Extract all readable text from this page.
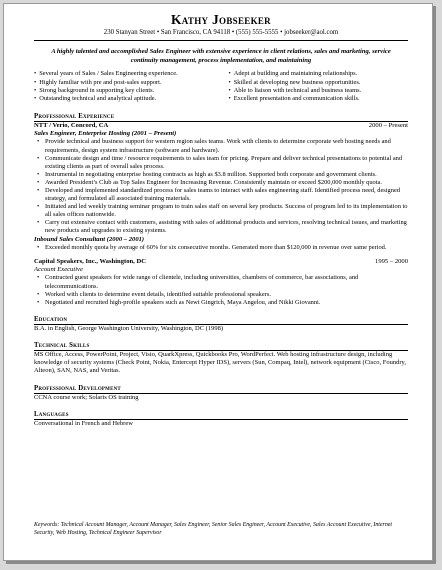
Kathy Jobseeker
230 Stanyan Street • San Francisco, CA 94118 • (555) 555-5555 • jobseeker@aol.com
A highly talented and accomplished Sales Engineer with extensive experience in client relations, sales and marketing, service continuity management, process implementation, and maintaining
• Several years of Sales / Sales Engineering experience.
• Highly familiar with pre and post-sales support.
• Strong background in supporting key clients.
• Outstanding technical and analytical aptitude.
• Adept at building and maintaining relationships.
• Skilled at developing new business opportunities.
• Able to liaison with technical and business teams.
• Excellent presentation and communication skills.
Professional Experience
NTT / Verio, Concord, CA	2000 – Present
Sales Engineer, Enterprise Hosting (2001 – Present)
• Provide technical and business support for western region sales teams. Work with clients to determine corporate web hosting needs and requirements, design system infrastructure (software and hardware).
• Communicate design and time / resource requirements to sales team for pricing. Prepare and deliver technical presentations to potential and existing clients as part of overall sales process.
• Instrumental in negotiating enterprise hosting contracts as high as $3.8 million. Supported both corporate and government clients.
• Awarded President’s Club as Top Sales Engineer for Increasing Revenue. Consistently maintain or exceed $200,000 monthly quota.
• Developed and implemented standardized process for sales teams to interact with sales engineering staff. Identified process need, designed strategy, and formulated all associated training materials.
• Initiated and led weekly training seminar program to train sales staff on several key products. Success of program led to its implementation to all sales offices nationwide.
• Carry out extensive contact with customers, assisting with sales of additional products and services, resolving technical issues, and marketing new products and upgrades to existing systems.
Inbound Sales Consultant (2000 – 2001)
• Exceeded monthly quota by average of 60% for six consecutive months. Generated more than $120,000 in revenue over same period.
Capital Speakers, Inc., Washington, DC	1995 – 2000
Account Executive
• Contracted guest speakers for wide range of clientele, including universities, chambers of commerce, bar associations, and telecommunications.
• Worked with clients to determine event details, identified suitable professional speakers.
• Negotiated and recruited high-profile speakers such as Newt Gingrich, Maya Angelou, and Nikki Giovanni.
Education
B.A. in English, George Washington University, Washington, DC (1998)
Technical Skills
MS Office, Access, PowerPoint, Project, Visio, QuarkXpress, Quickbooks Pro, WordPerfect. Web hosting infrastructure design, including knowledge of security systems (Check Point, Nokia, Entercept Hyper IDS), servers (Sun, Compaq, Intel), network equipment (Cisco, Foundry, Alteon), SAN, NAS, and Veritas.
Professional Development
CCNA course work; Solaris OS training
Languages
Conversational in French and Hebrew
Keywords: Technical Account Manager, Account Manager, Sales Engineer, Senior Sales Engineer, Account Executive, Sales Account Executive, Internet Security, Web Hosting, Technical Engineer Supervisor
